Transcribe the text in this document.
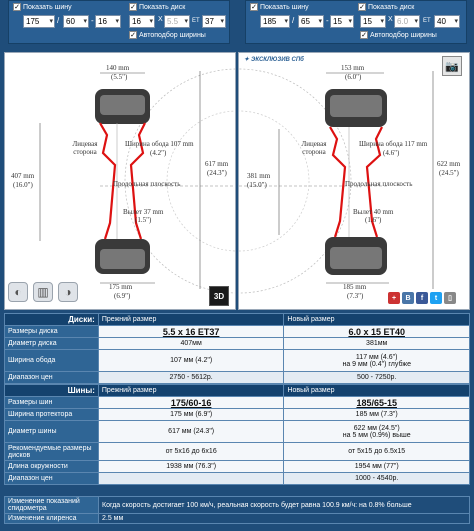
✓ Показать шину	✓ Показать диск
175 ▾	/ 60 ▾	- 16 ▾	16 ▾	X 5.5 ▾	ET 37 ▾
✓ Автоподбор ширины
✓ Показать шину	✓ Показать диск
185 ▾	/ 65 ▾	- 15 ▾	15 ▾	X 6.0 ▾	ET 40 ▾
✓ Автоподбор ширины
140 mm
(5.5")
Лицевая сторона
Ширина обода 107 mm
(4.2")
407 mm
(16.0")
617 mm
(24.3")
Продольная плоскость
Вылет 37 mm
(1.5")
175 mm
(6.9")
◐	▥	◑	3D
153 mm
(6.0")
Лицевая сторона
Ширина обода 117 mm
(4.6")
381 mm
(15.0")
622 mm
(24.5")
Продольная плоскость
Вылет 40 mm
(1.6")
185 mm
(7.3")
✦ ЭКСКЛЮЗИВ СПб
📷
+	В	f	t	▯
Диски:	Прежний размер	Новый размер
Размеры диска	5.5 x 16 ET37	6.0 x 15 ET40
Диаметр диска	407мм	381мм
Ширина обода	107 мм (4.2")	117 мм (4.6")
на 9 мм (0.4") глубже

Диапазон цен	2750 - 5612р.	500 - 7250р.
Шины:	Прежний размер	Новый размер
Размеры шин	175/60-16	185/65-15
Ширина протектора	175 мм (6.9")	185 мм (7.3")
Диаметр шины	617 мм (24.3")	622 мм (24.5")
на 5 мм (0.9%) выше

Рекомендуемые размеры дисков	от 5x16 до 6x16	от 5x15 до 6.5x15
Длина окружности	1938 мм (76.3")	1954 мм (77")
Диапазон цен		1000 - 4540р.
Изменение показаний спидометра	Когда скорость достигает 100 км/ч, реальная скорость будет равна 100.9 км/ч: на 0.8% больше
Изменение клиренса	2.5 мм
